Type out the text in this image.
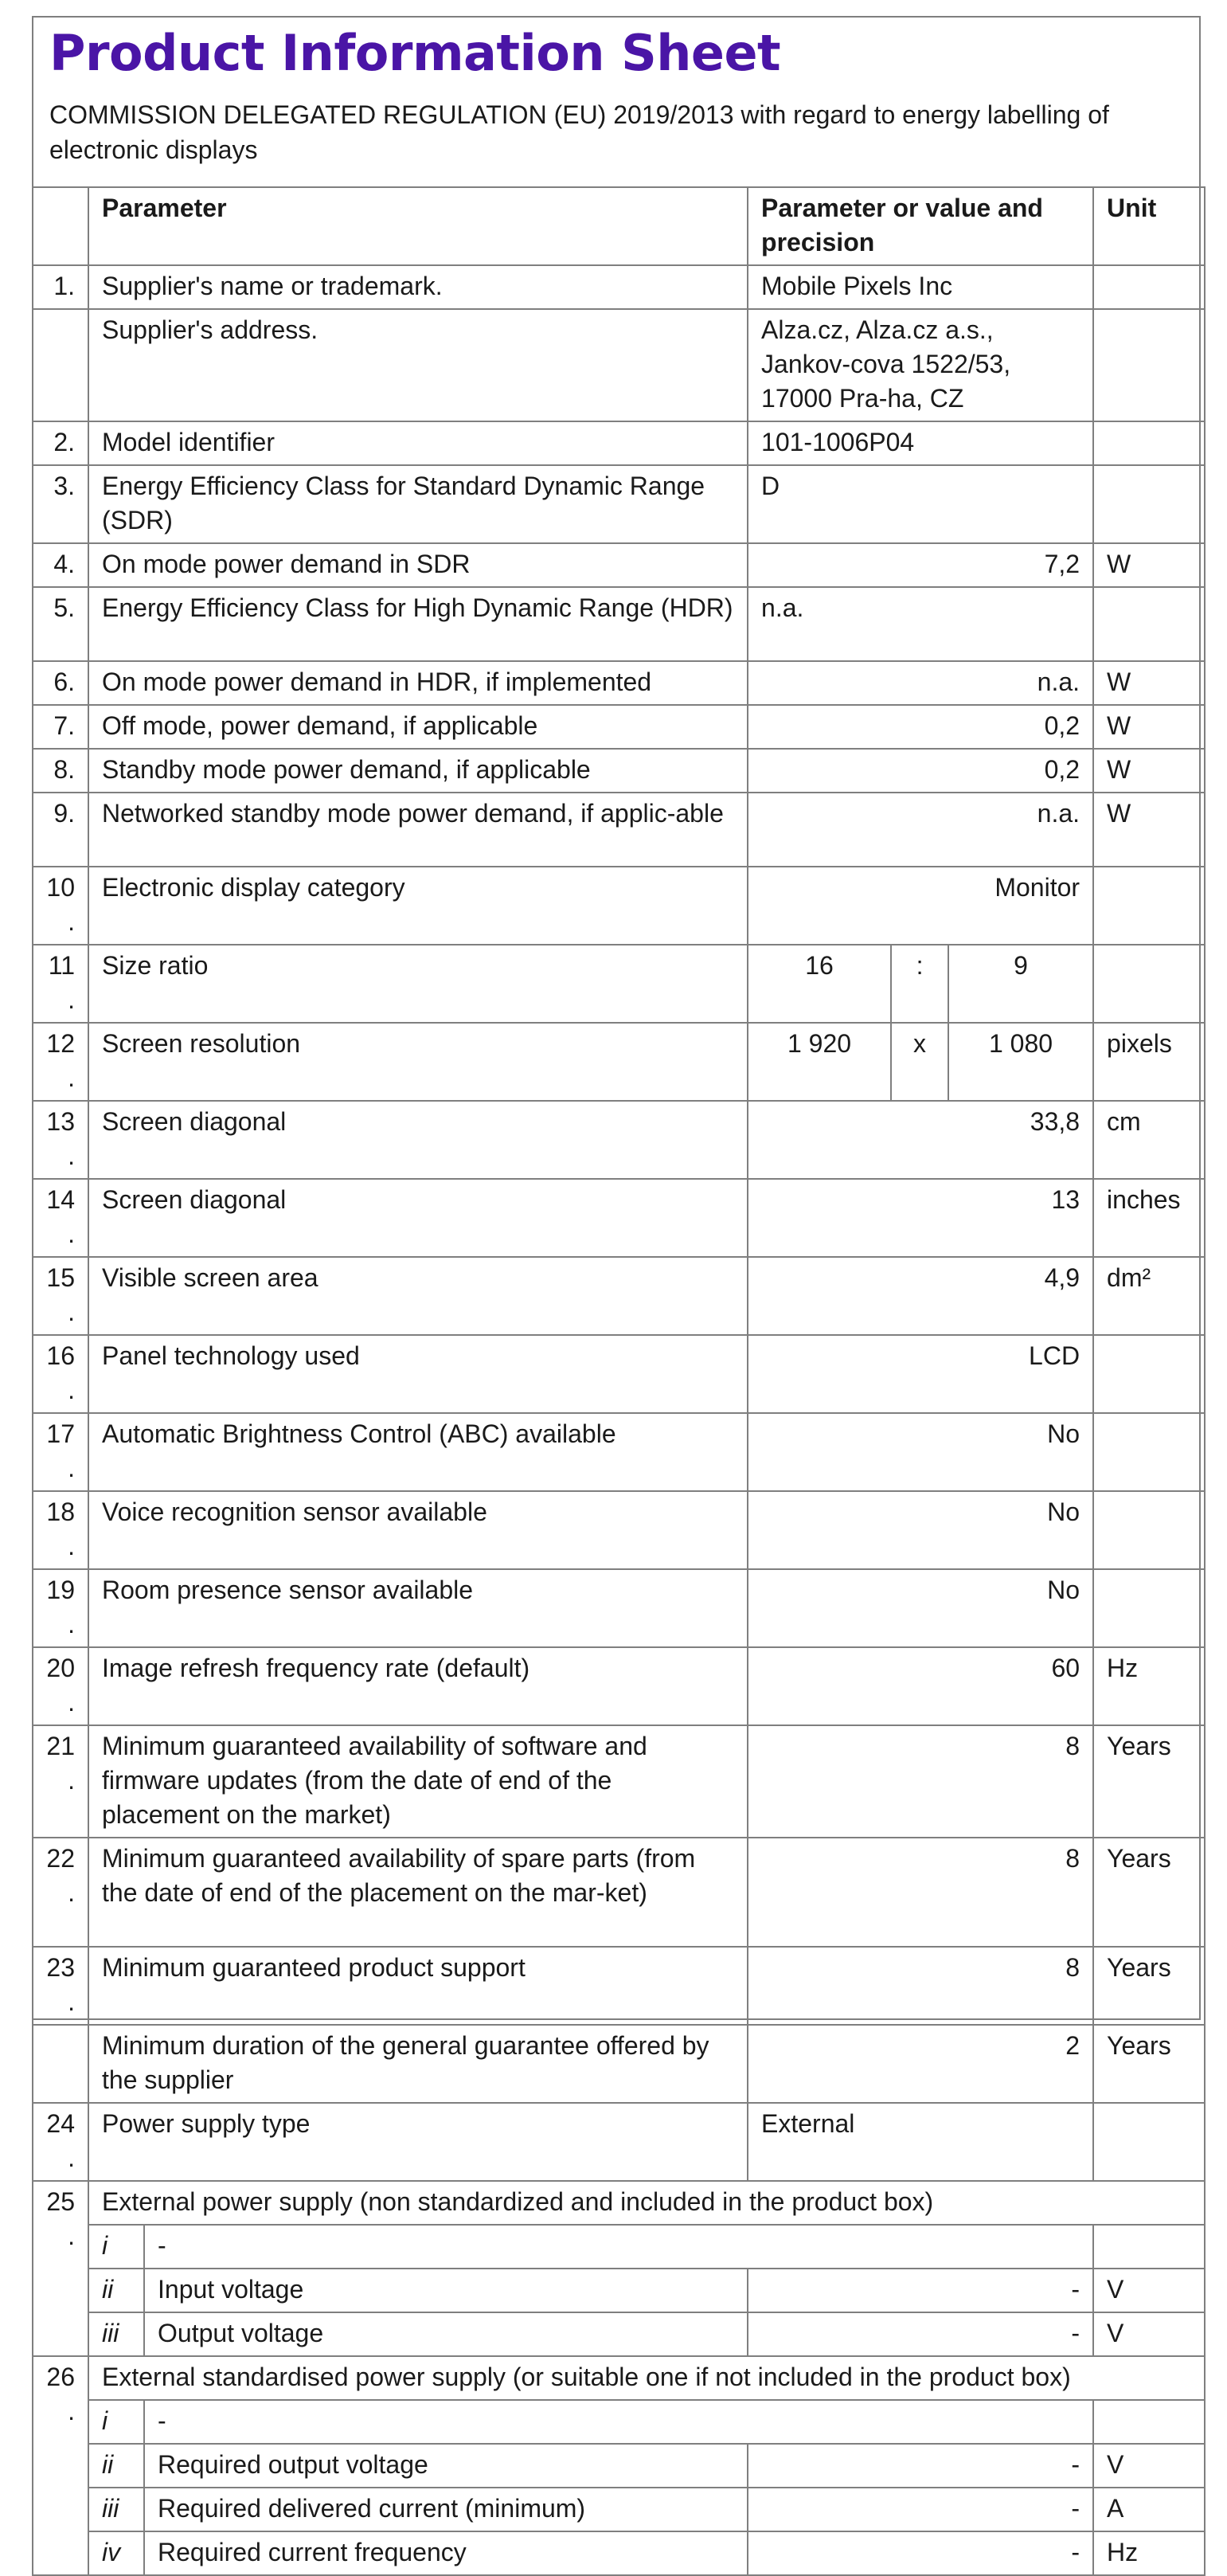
Product Information Sheet

COMMISSION DELEGATED REGULATION (EU) 2019/2013 with regard to energy labelling of electronic displays

	Parameter		Parameter or value and precision			Unit
1.	Supplier's name or trademark.		Mobile Pixels Inc			
	Supplier's address.		Alza.cz, Alza.cz a.s., Jankov-cova 1522/53, 17000 Pra-ha, CZ			
2.	Model identifier		101-1006P04			
3.	Energy Efficiency Class for Standard Dynamic Range (SDR)		D			
4.	On mode power demand in SDR		7,2			W
5.	Energy Efficiency Class for High Dynamic Range (HDR)		n.a.			
6.	On mode power demand in HDR, if implemented		n.a.			W
7.	Off mode, power demand, if applicable		0,2			W
8.	Standby mode power demand, if applicable		0,2			W
9.	Networked standby mode power demand, if applic-able		n.a.			W
10.	Electronic display category		Monitor			
11.	Size ratio		16	:	9	
12.	Screen resolution		1 920	x	1 080	pixels
13.	Screen diagonal		33,8			cm
14.	Screen diagonal		13			inches
15.	Visible screen area		4,9			dm²
16.	Panel technology used		LCD			
17.	Automatic Brightness Control (ABC) available		No			
18.	Voice recognition sensor available		No			
19.	Room presence sensor available		No			
20.	Image refresh frequency rate (default)		60			Hz
21.	Minimum guaranteed availability of software and firmware updates (from the date of end of the placement on the market)		8			Years
22.	Minimum guaranteed availability of spare parts (from the date of end of the placement on the mar-ket)		8			Years
23.	Minimum guaranteed product support		8			Years
	Minimum duration of the general guarantee offered by the supplier		2			Years
24.	Power supply type		External			
25.	External power supply (non standardized and included in the product box)					
	i	-				
	ii	Input voltage	-			V
	iii	Output voltage	-			V
26.	External standardised power supply (or suitable one if not included in the product box)					
	i	-				
	ii	Required output voltage	-			V
	iii	Required delivered current (minimum)	-			A
	iv	Required current frequency	-			Hz
